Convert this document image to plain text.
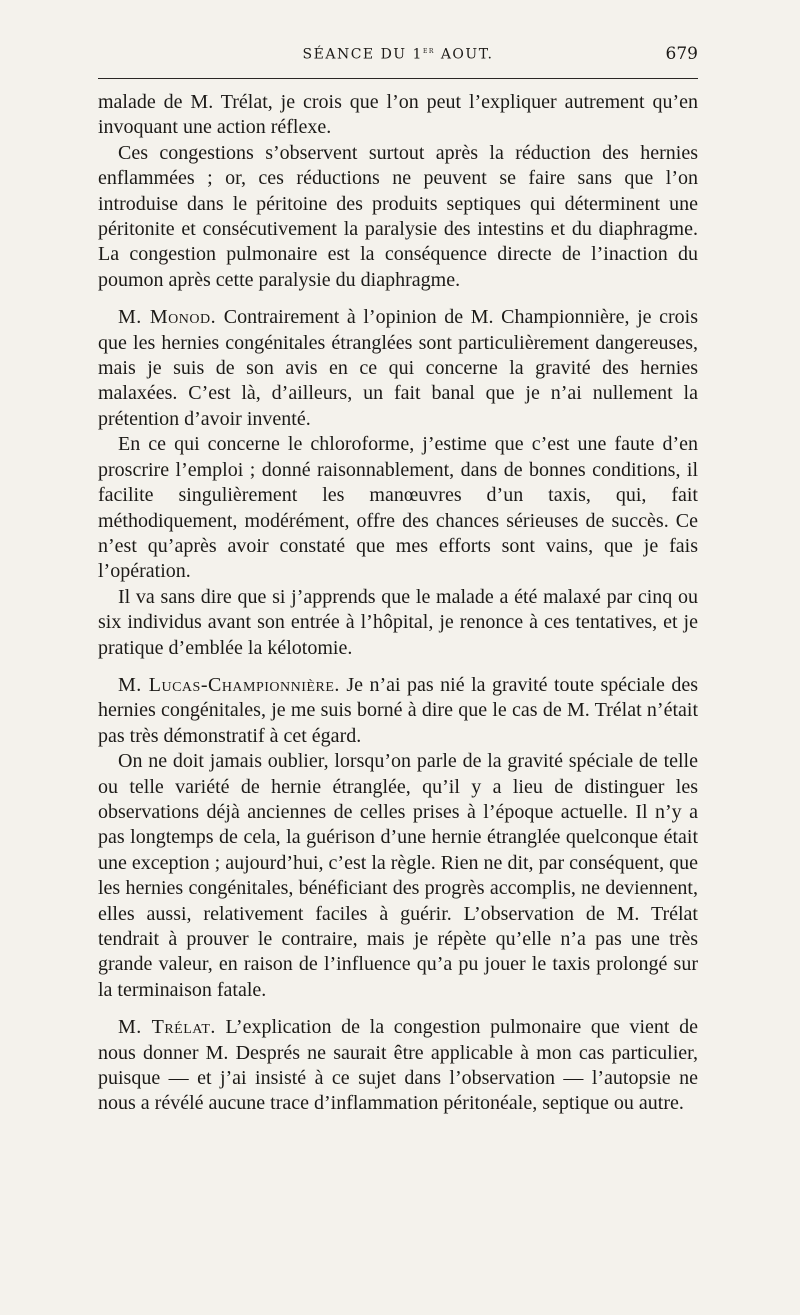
SÉANCE DU 1er AOUT.	679

malade de M. Trélat, je crois que l’on peut l’expliquer autrement qu’en invoquant une action réflexe.

Ces congestions s’observent surtout après la réduction des hernies enflammées ; or, ces réductions ne peuvent se faire sans que l’on introduise dans le péritoine des produits septiques qui déterminent une péritonite et consécutivement la paralysie des intestins et du diaphragme. La congestion pulmonaire est la conséquence directe de l’inaction du poumon après cette paralysie du diaphragme.

M. Monod. Contrairement à l’opinion de M. Championnière, je crois que les hernies congénitales étranglées sont particulièrement dangereuses, mais je suis de son avis en ce qui concerne la gravité des hernies malaxées. C’est là, d’ailleurs, un fait banal que je n’ai nullement la prétention d’avoir inventé.

En ce qui concerne le chloroforme, j’estime que c’est une faute d’en proscrire l’emploi ; donné raisonnablement, dans de bonnes conditions, il facilite singulièrement les manœuvres d’un taxis, qui, fait méthodiquement, modérément, offre des chances sérieuses de succès. Ce n’est qu’après avoir constaté que mes efforts sont vains, que je fais l’opération.

Il va sans dire que si j’apprends que le malade a été malaxé par cinq ou six individus avant son entrée à l’hôpital, je renonce à ces tentatives, et je pratique d’emblée la kélotomie.

M. Lucas-Championnière. Je n’ai pas nié la gravité toute spéciale des hernies congénitales, je me suis borné à dire que le cas de M. Trélat n’était pas très démonstratif à cet égard.

On ne doit jamais oublier, lorsqu’on parle de la gravité spéciale de telle ou telle variété de hernie étranglée, qu’il y a lieu de distinguer les observations déjà anciennes de celles prises à l’époque actuelle. Il n’y a pas longtemps de cela, la guérison d’une hernie étranglée quelconque était une exception ; aujourd’hui, c’est la règle. Rien ne dit, par conséquent, que les hernies congénitales, bénéficiant des progrès accomplis, ne deviennent, elles aussi, relativement faciles à guérir. L’observation de M. Trélat tendrait à prouver le contraire, mais je répète qu’elle n’a pas une très grande valeur, en raison de l’influence qu’a pu jouer le taxis prolongé sur la terminaison fatale.

M. Trélat. L’explication de la congestion pulmonaire que vient de nous donner M. Després ne saurait être applicable à mon cas particulier, puisque — et j’ai insisté à ce sujet dans l’observation — l’autopsie ne nous a révélé aucune trace d’inflammation péritonéale, septique ou autre.
